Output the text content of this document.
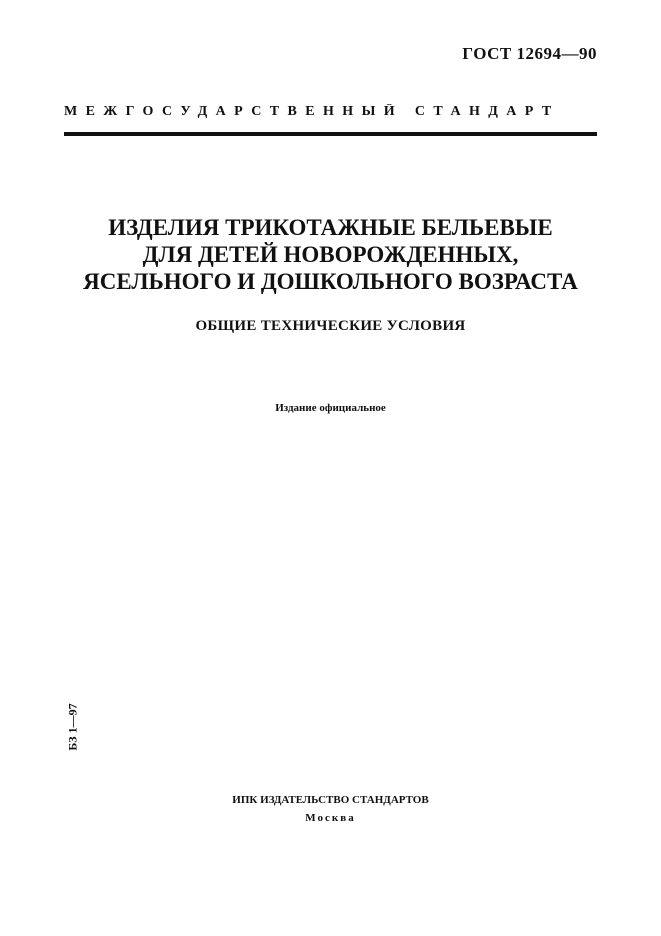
ГОСТ 12694—90
МЕЖГОСУДАРСТВЕННЫЙ СТАНДАРТ
ИЗДЕЛИЯ ТРИКОТАЖНЫЕ БЕЛЬЕВЫЕ
ДЛЯ ДЕТЕЙ НОВОРОЖДЕННЫХ,
ЯСЕЛЬНОГО И ДОШКОЛЬНОГО ВОЗРАСТА
ОБЩИЕ ТЕХНИЧЕСКИЕ УСЛОВИЯ
Издание официальное
БЗ 1—97
ИПК ИЗДАТЕЛЬСТВО СТАНДАРТОВ
Москва
